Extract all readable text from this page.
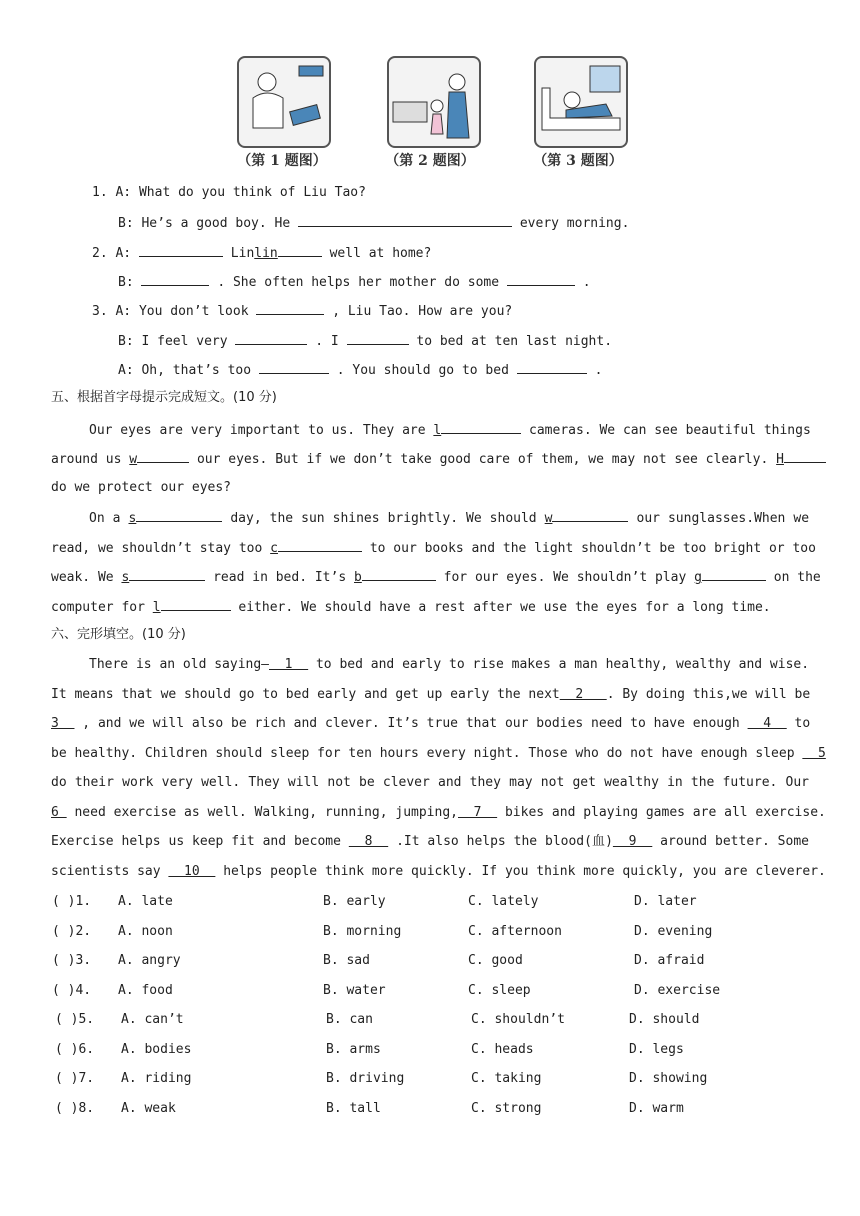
（第 1 题图）	（第 2 题图）	（第 3 题图）
1. A: What do you think of Liu Tao?
B: He’s a good boy. He	every morning.
2. A:	Linlin	well at home?
B:	. She often helps her mother do some	.
3. A: You don’t look	, Liu Tao. How are you?
B: I feel very	. I	to bed at ten last night.
A: Oh, that’s too	. You should go to bed	.
五、根据首字母提示完成短文。(10 分)
Our eyes are very important to us. They are l	cameras. We can see beautiful things
around us w	our eyes. But if we don’t take good care of them, we may not see clearly. H
do we protect our eyes?
On a s	day, the sun shines brightly. We should w	our sunglasses.When we
read, we shouldn’t stay too c	to our books and the light shouldn’t be too bright or too
weak. We s	read in bed. It’s b	for our eyes. We shouldn’t play g	on the
computer for l	either. We should have a rest after we use the eyes for a long time.
六、完形填空。(10 分)
There is an old saying—  1   to bed and early to rise makes a man healthy, wealthy and wise.
It means that we should go to bed early and get up early the next  2   . By doing this,we will be
3   , and we will also be rich and clever. It’s true that our bodies need to have enough   4   to
be healthy. Children should sleep for ten hours every night. Those who do not have enough sleep   5
do their work very well. They will not be clever and they may not get wealthy in the future. Our
6  need exercise as well. Walking, running, jumping,  7   bikes and playing games are all exercise.
Exercise helps us keep fit and become   8   .It also helps the blood(血)  9   around better. Some
scientists say   10   helps people think more quickly. If you think more quickly, you are cleverer.
( )1. A. late	B. early	C. lately	D. later
( )2. A. noon	B. morning	C. afternoon	D. evening
( )3. A. angry	B. sad	C. good	D. afraid
( )4. A. food	B. water	C. sleep	D. exercise
( )5. A. can’t	B. can	C. shouldn’t	D. should
( )6. A. bodies	B. arms	C. heads	D. legs
( )7. A. riding	B. driving	C. taking	D. showing
( )8. A. weak	B. tall	C. strong	D. warm
